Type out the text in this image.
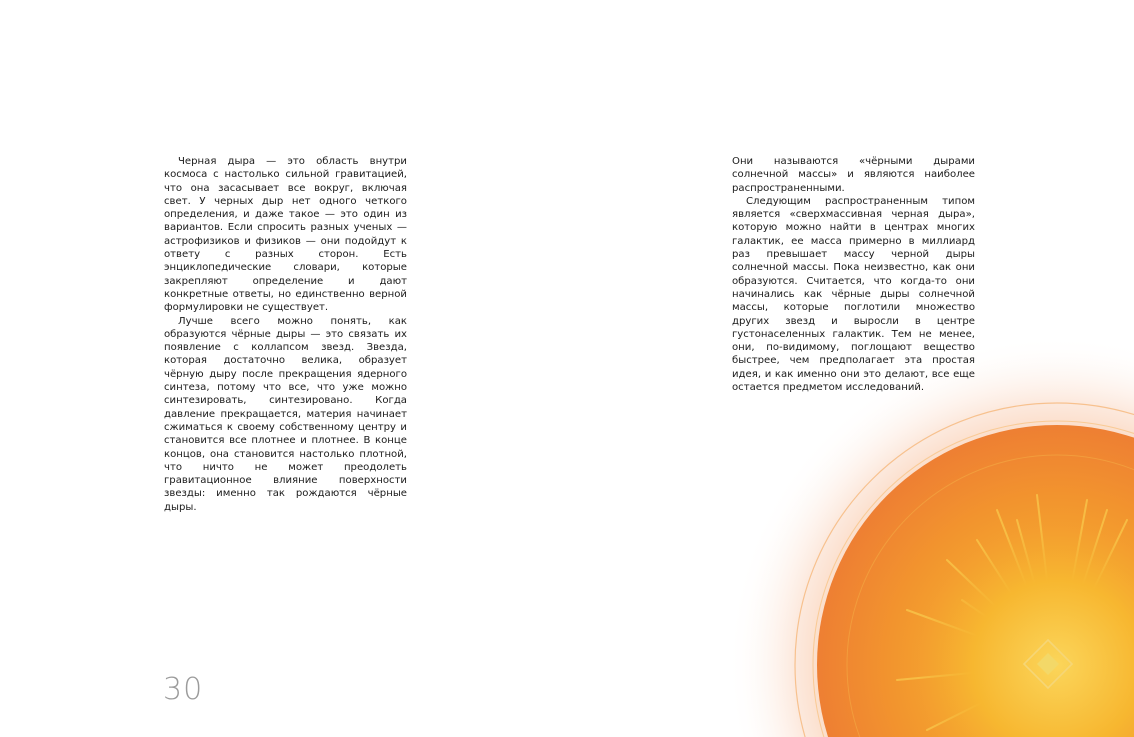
Черная дыра — это область внутри космоса с настолько сильной гравитацией, что она засасывает все вокруг, включая свет. У черных дыр нет одного четкого определения, и даже такое — это один из вариантов. Если спросить разных ученых — астрофизиков и физиков — они подойдут к ответу с разных сторон. Есть энциклопедические словари, которые закрепляют определение и дают конкретные ответы, но единственно верной формулировки не существует.

Лучше всего можно понять, как образуются чёрные дыры — это связать их появление с коллапсом звезд. Звезда, которая достаточно велика, образует чёрную дыру после прекращения ядерного синтеза, потому что все, что уже можно синтезировать, синтезировано. Когда давление прекращается, материя начинает сжиматься к своему собственному центру и становится все плотнее и плотнее. В конце концов, она становится настолько плотной, что ничто не может преодолеть гравитационное влияние поверхности звезды: именно так рождаются чёрные дыры.

30

Они называются «чёрными дырами солнечной массы» и являются наиболее распространенными.

Следующим распространенным типом является «сверхмассивная черная дыра», которую можно найти в центрах многих галактик, ее масса примерно в миллиард раз превышает массу черной дыры солнечной массы. Пока неизвестно, как они образуются. Считается, что когда-то они начинались как чёрные дыры солнечной массы, которые поглотили множество других звезд и выросли в центре густонаселенных галактик. Тем не менее, они, по-видимому, поглощают вещество быстрее, чем предполагает эта простая идея, и как именно они это делают, все еще остается предметом исследований.
